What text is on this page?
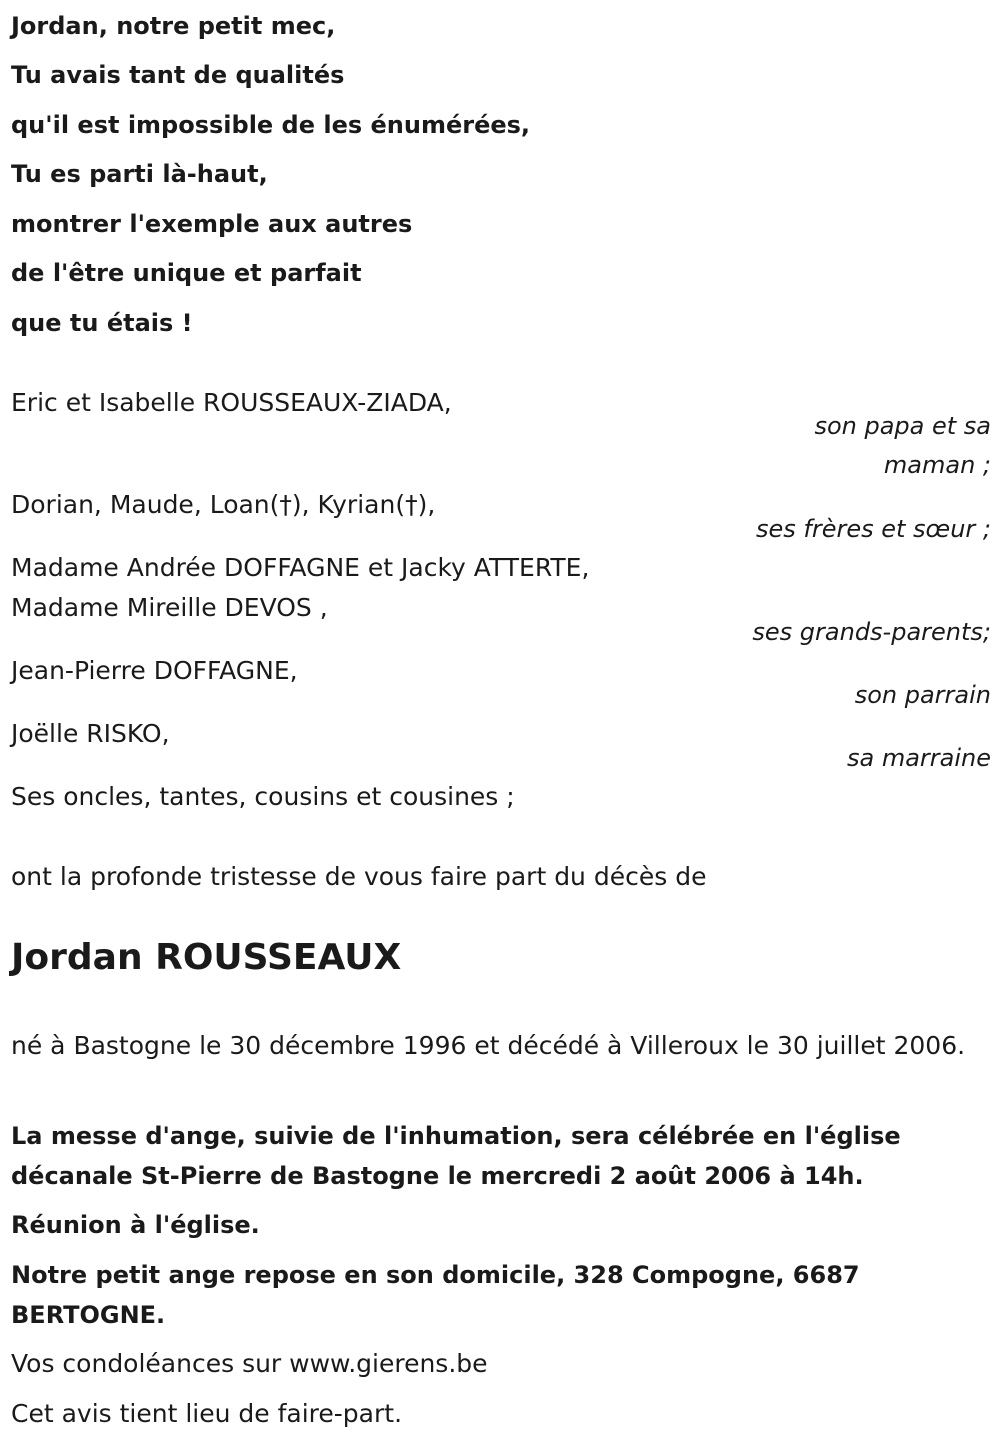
Jordan, notre petit mec,
Tu avais tant de qualités
qu'il est impossible de les énumérées,
Tu es parti là-haut,
montrer l'exemple aux autres
de l'être unique et parfait
que tu étais !
Eric et Isabelle ROUSSEAUX-ZIADA,
son papa et sa
maman ;
Dorian, Maude, Loan(†), Kyrian(†),
ses frères et sœur ;
Madame Andrée DOFFAGNE et Jacky ATTERTE,
Madame Mireille DEVOS ,
ses grands-parents;
Jean-Pierre DOFFAGNE,
son parrain
Joëlle RISKO,
sa marraine
Ses oncles, tantes, cousins et cousines ;
ont la profonde tristesse de vous faire part du décès de
Jordan ROUSSEAUX
né à Bastogne le 30 décembre 1996 et décédé à Villeroux le 30 juillet 2006.
La messe d'ange, suivie de l'inhumation, sera célébrée en l'église décanale St-Pierre de Bastogne le mercredi 2 août 2006 à 14h.
Réunion à l'église.
Notre petit ange repose en son domicile, 328 Compogne, 6687 BERTOGNE.
Vos condoléances sur www.gierens.be
Cet avis tient lieu de faire-part.
